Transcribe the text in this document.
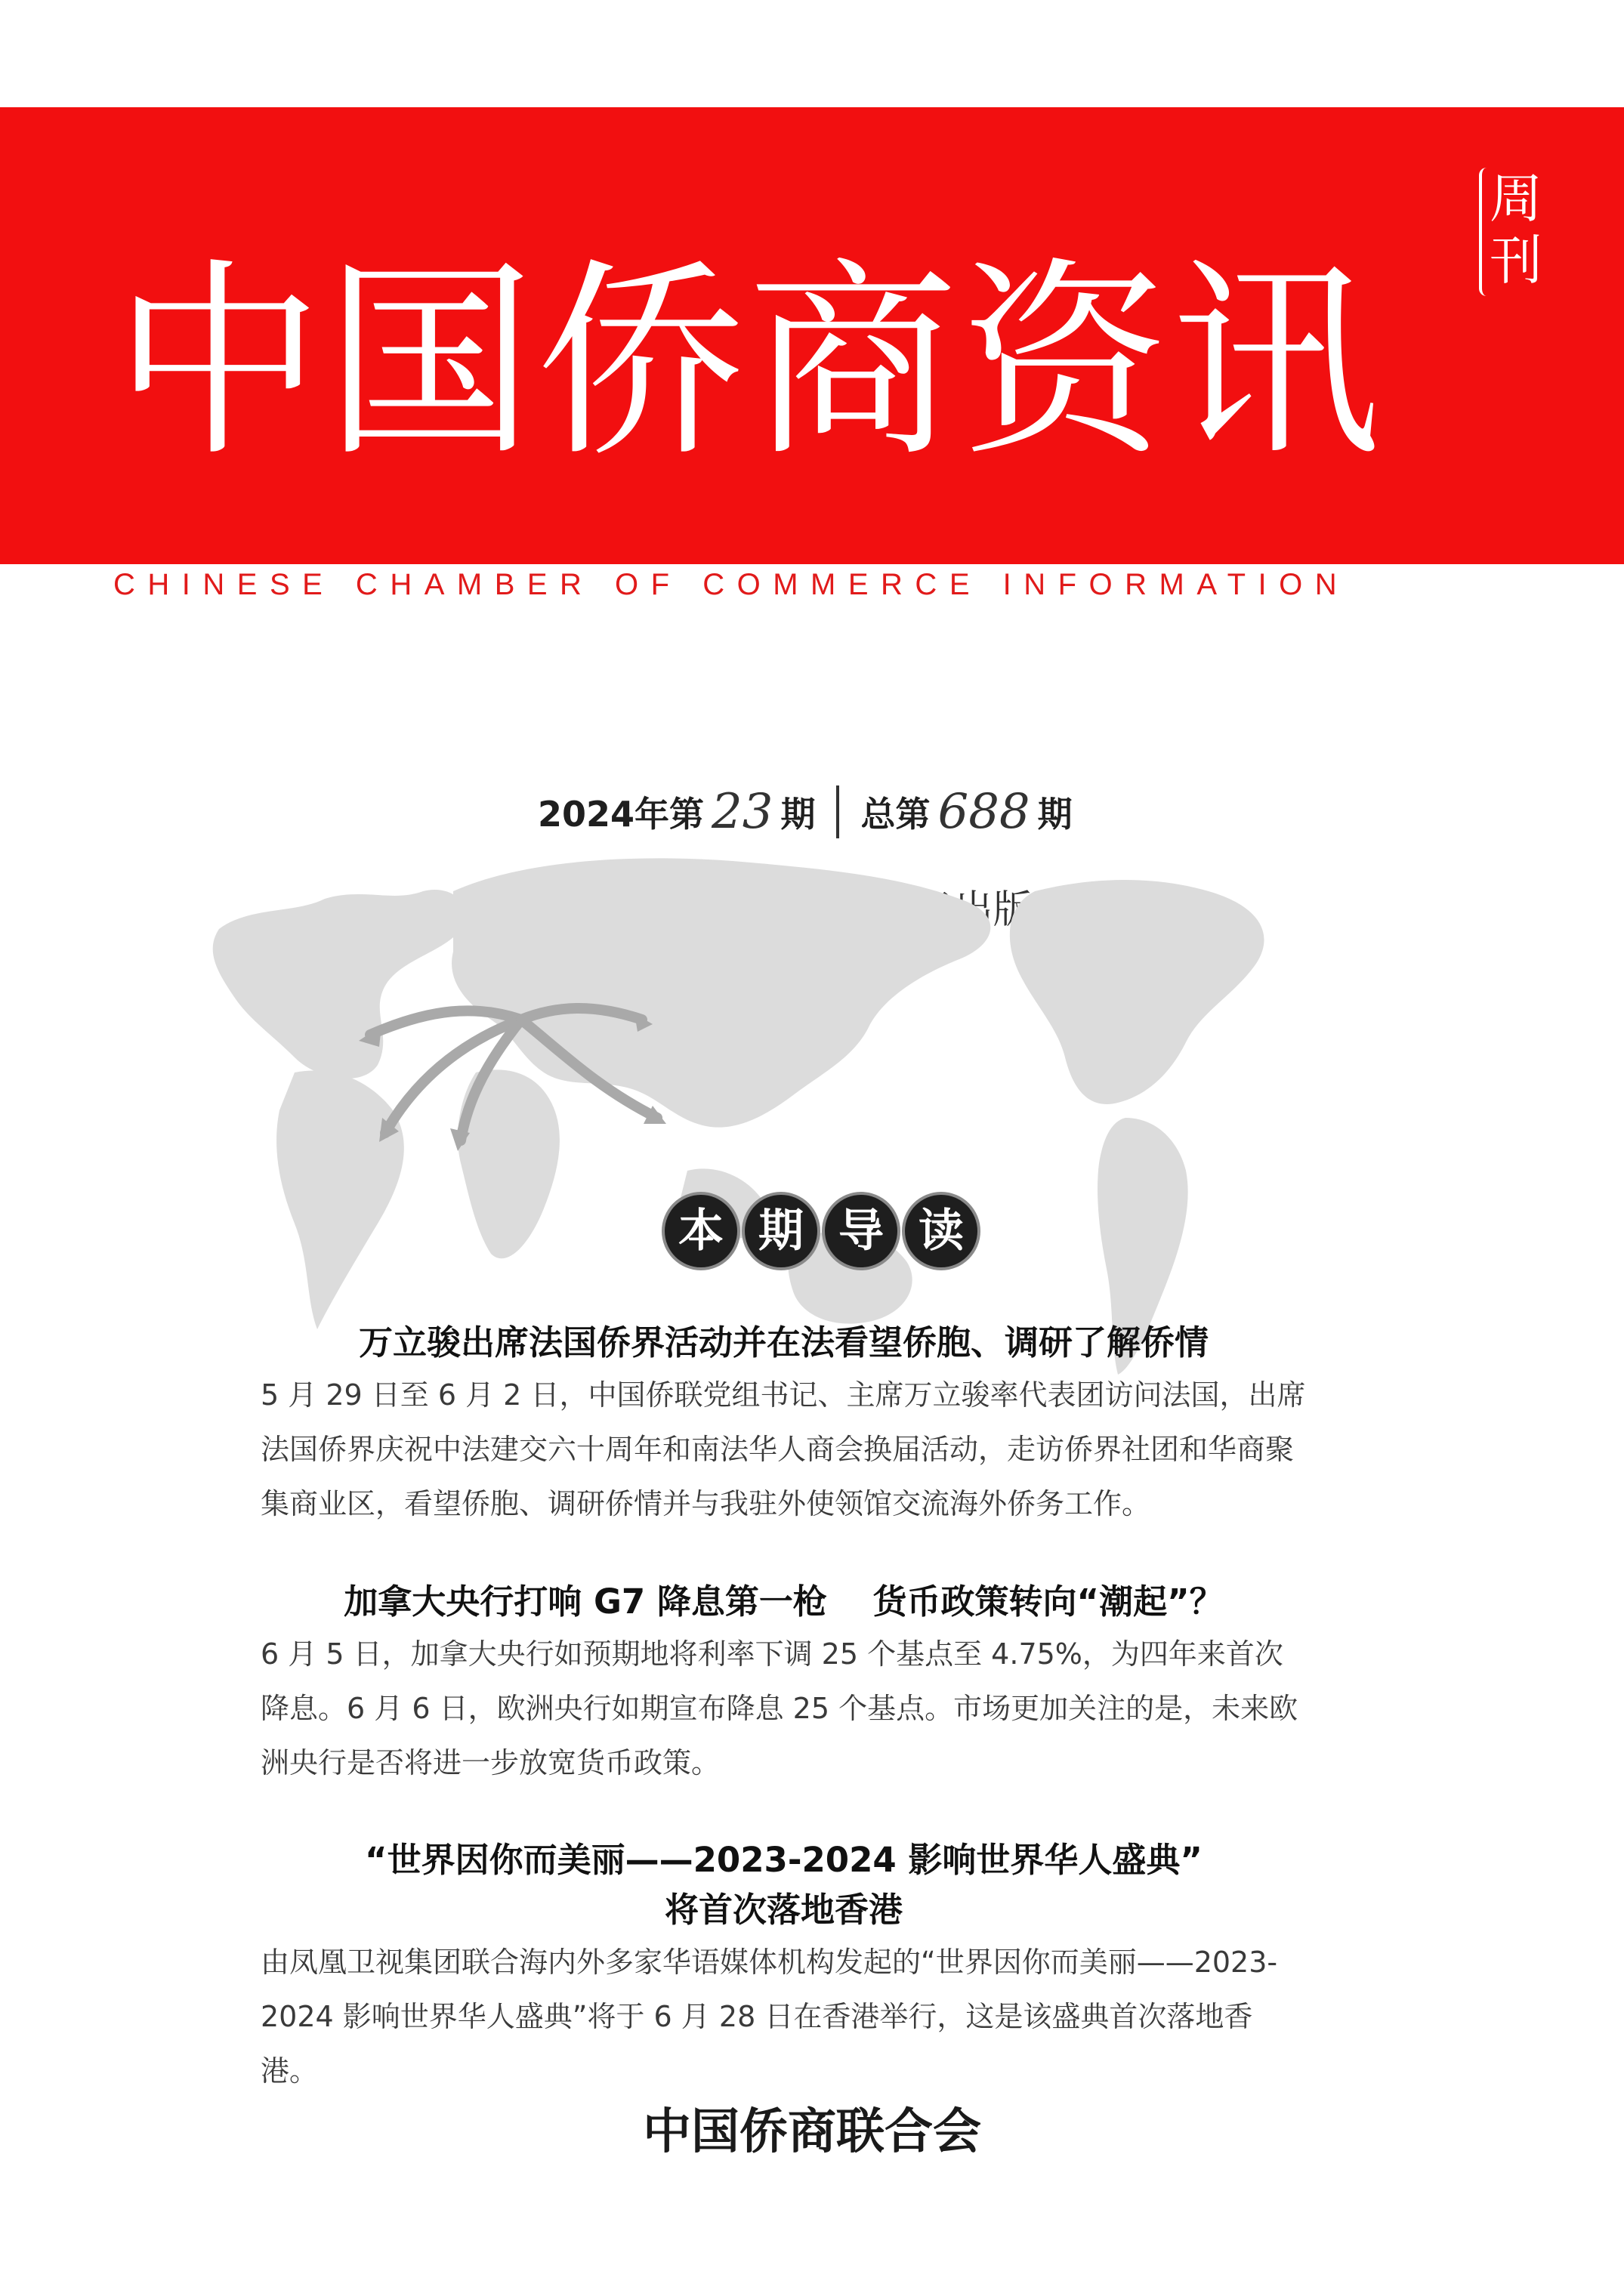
中国侨商资讯
周刊
CHINESE CHAMBER OF COMMERCE INFORMATION
2024年第 23 期 总第 688 期
本 期 导 读
万立骏出席法国侨界活动并在法看望侨胞、调研了解侨情

5 月 29 日至 6 月 2 日，中国侨联党组书记、主席万立骏率代表团访问法国，出席法国侨界庆祝中法建交六十周年和南法华人商会换届活动，走访侨界社团和华商聚集商业区，看望侨胞、调研侨情并与我驻外使领馆交流海外侨务工作。

加拿大央行打响 G7 降息第一枪　 货币政策转向“潮起”？

6 月 5 日，加拿大央行如预期地将利率下调 25 个基点至 4.75%，为四年来首次降息。6 月 6 日，欧洲央行如期宣布降息 25 个基点。市场更加关注的是，未来欧洲央行是否将进一步放宽货币政策。

“世界因你而美丽——2023-2024 影响世界华人盛典”
将首次落地香港

由凤凰卫视集团联合海内外多家华语媒体机构发起的“世界因你而美丽——2023-2024 影响世界华人盛典”将于 6 月 28 日在香港举行，这是该盛典首次落地香港。

中国侨商联合会
